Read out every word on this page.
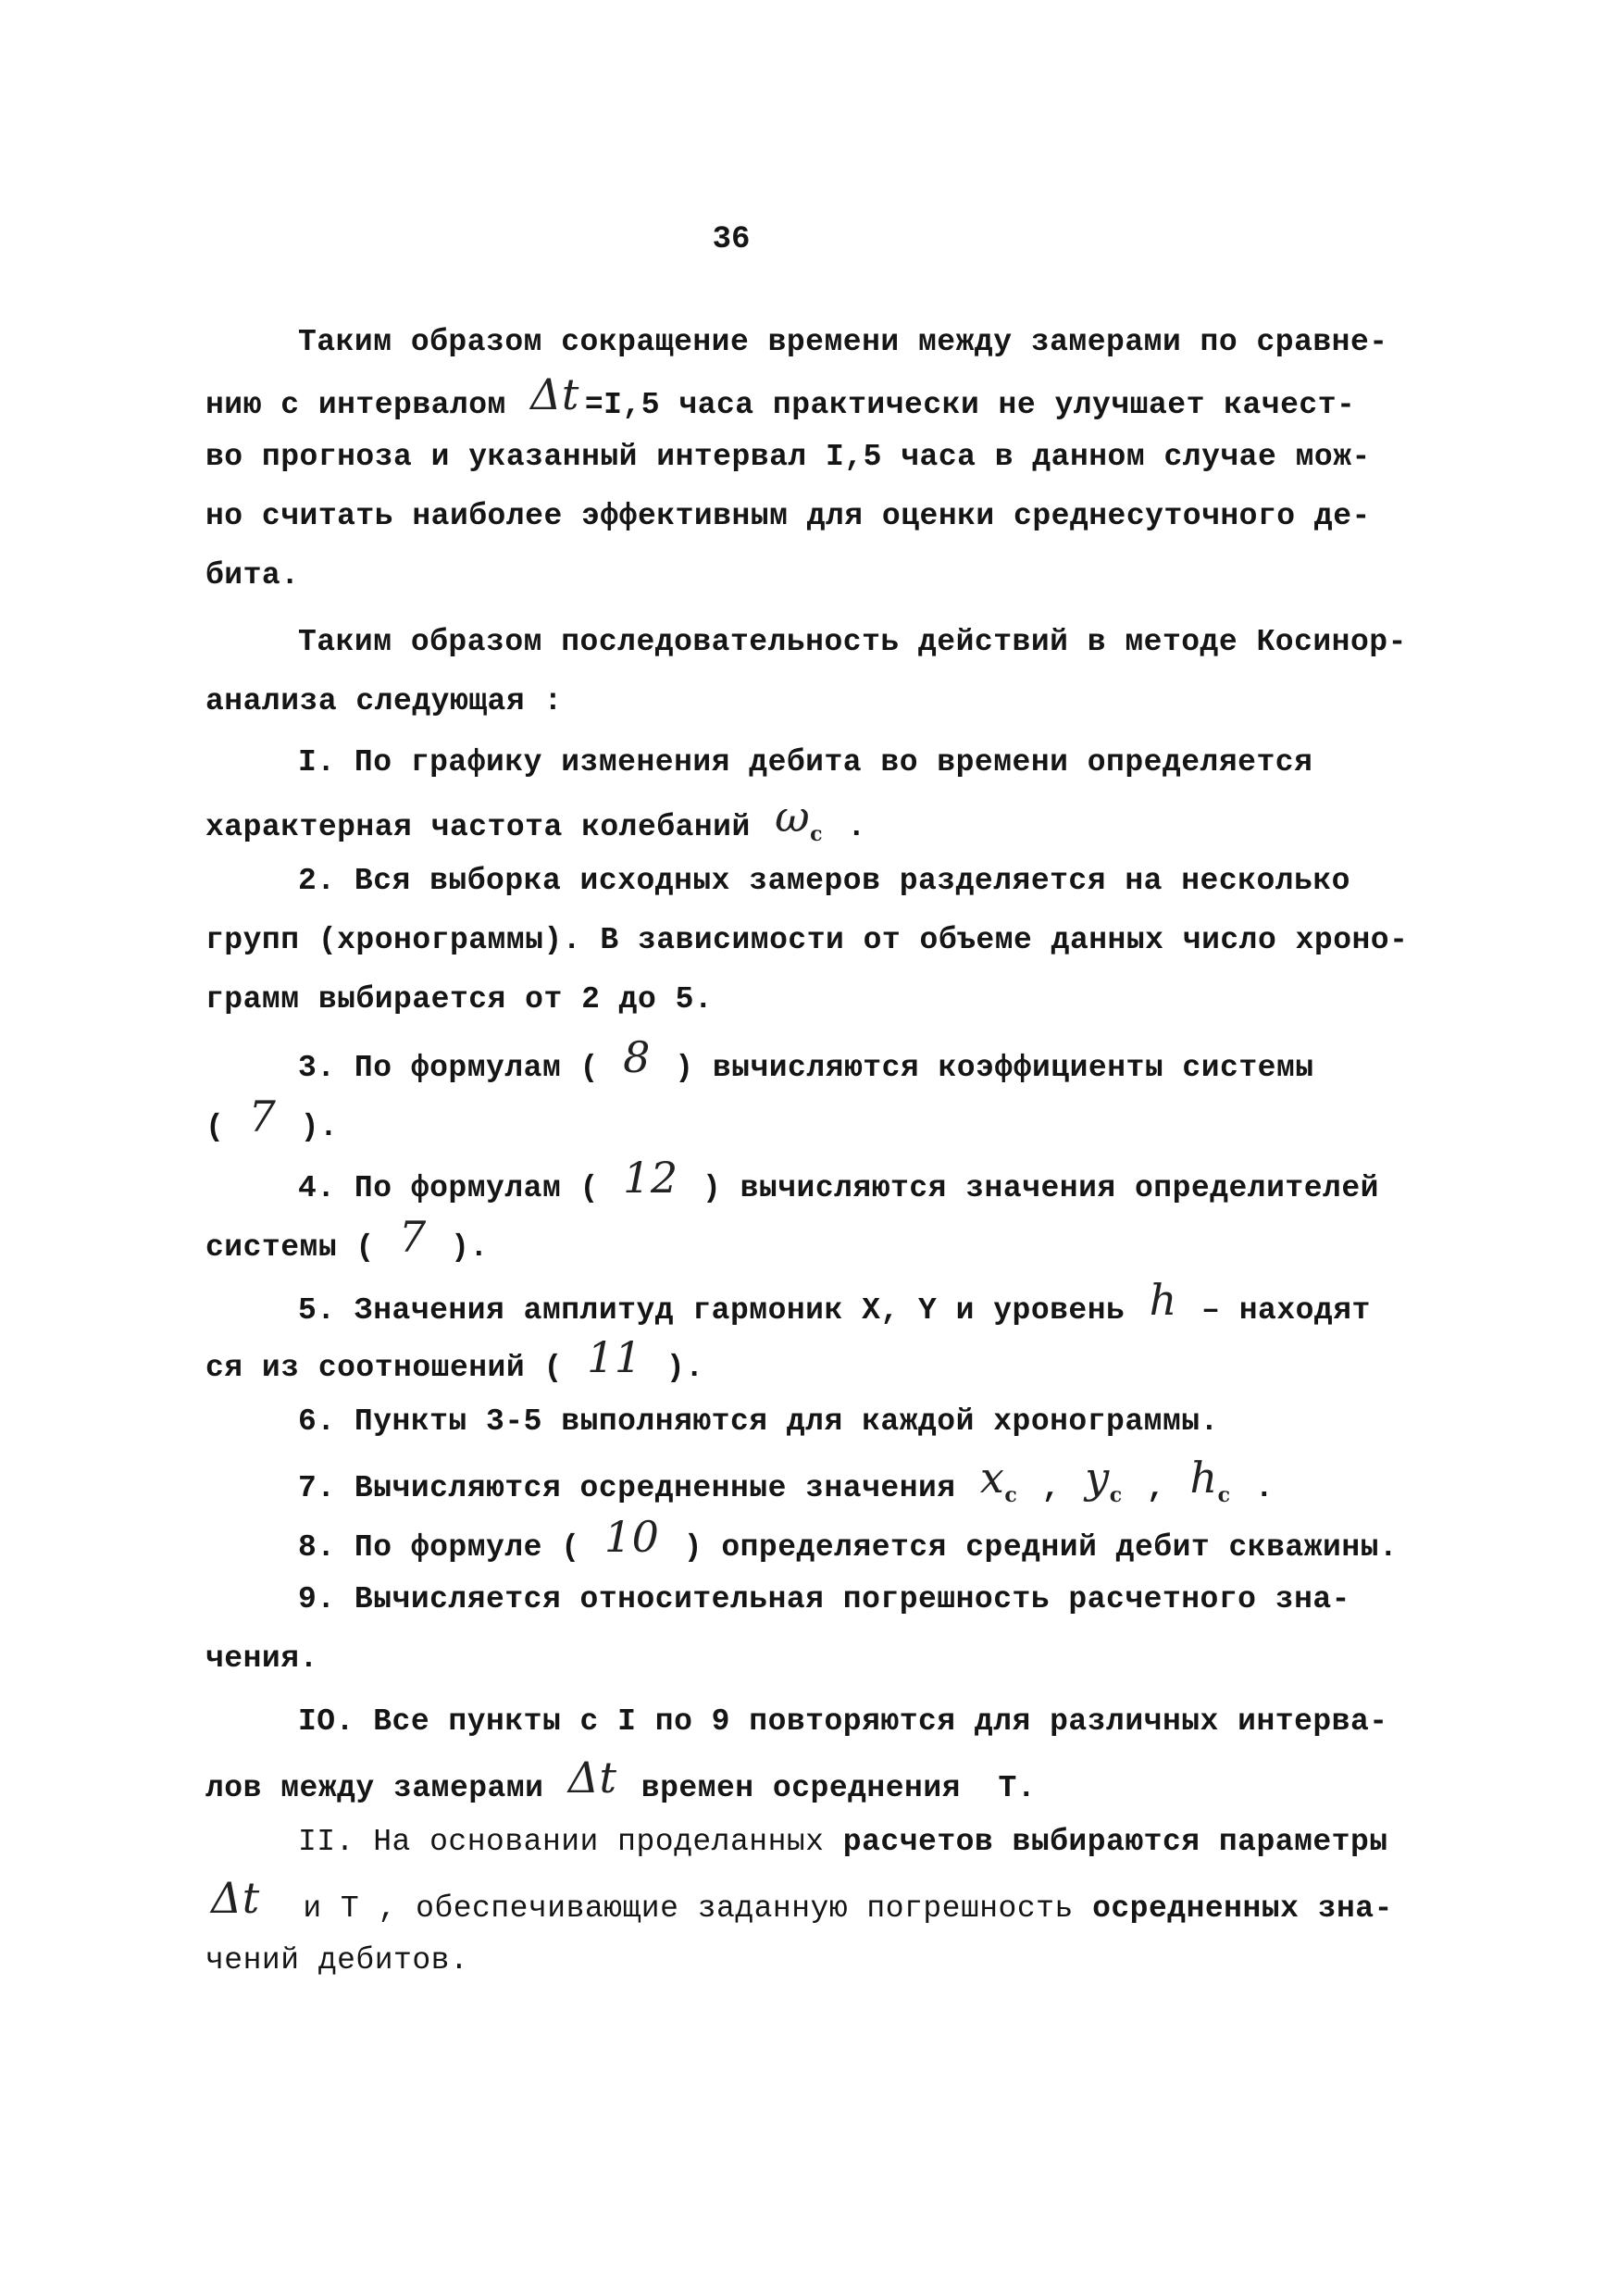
36
Таким образом сокращение времени между замерами по сравне-
нию с интервалом Δt =I,5 часа практически не улучшает качест-
во прогноза и указанный интервал I,5 часа в данном случае мож-
но считать наиболее эффективным для оценки среднесуточного де-
бита.
Таким образом последовательность действий в методе Косинор-
анализа следующая :
I. По графику изменения дебита во времени определяется
характерная частота колебаний $\omega_c$ .
2. Вся выборка исходных замеров разделяется на несколько
групп (хронограммы). В зависимости от объеме данных число хроно-
грамм выбирается от 2 до 5.
3. По формулам ( 8 ) вычисляются коэффициенты системы
( 7 ).
4. По формулам ( 12 ) вычисляются значения определителей
системы ( 7 ).
5. Значения амплитуд гармоник X, Y и уровень h – находят
ся из соотношений ( 11 ).
6. Пункты 3-5 выполняются для каждой хронограммы.
7. Вычисляются осредненные значения $x_c$ , $y_c$ , $h_c$ .
8. По формуле ( 10 ) определяется средний дебит скважины.
9. Вычисляется относительная погрешность расчетного зна-
чения.
IO. Все пункты с I по 9 повторяются для различных интерва-
лов между замерами Δt времен осреднения  T.
II. На основании проделанных расчетов выбираются параметры
Δt  и T , обеспечивающие заданную погрешность осредненных зна-
чений дебитов.
